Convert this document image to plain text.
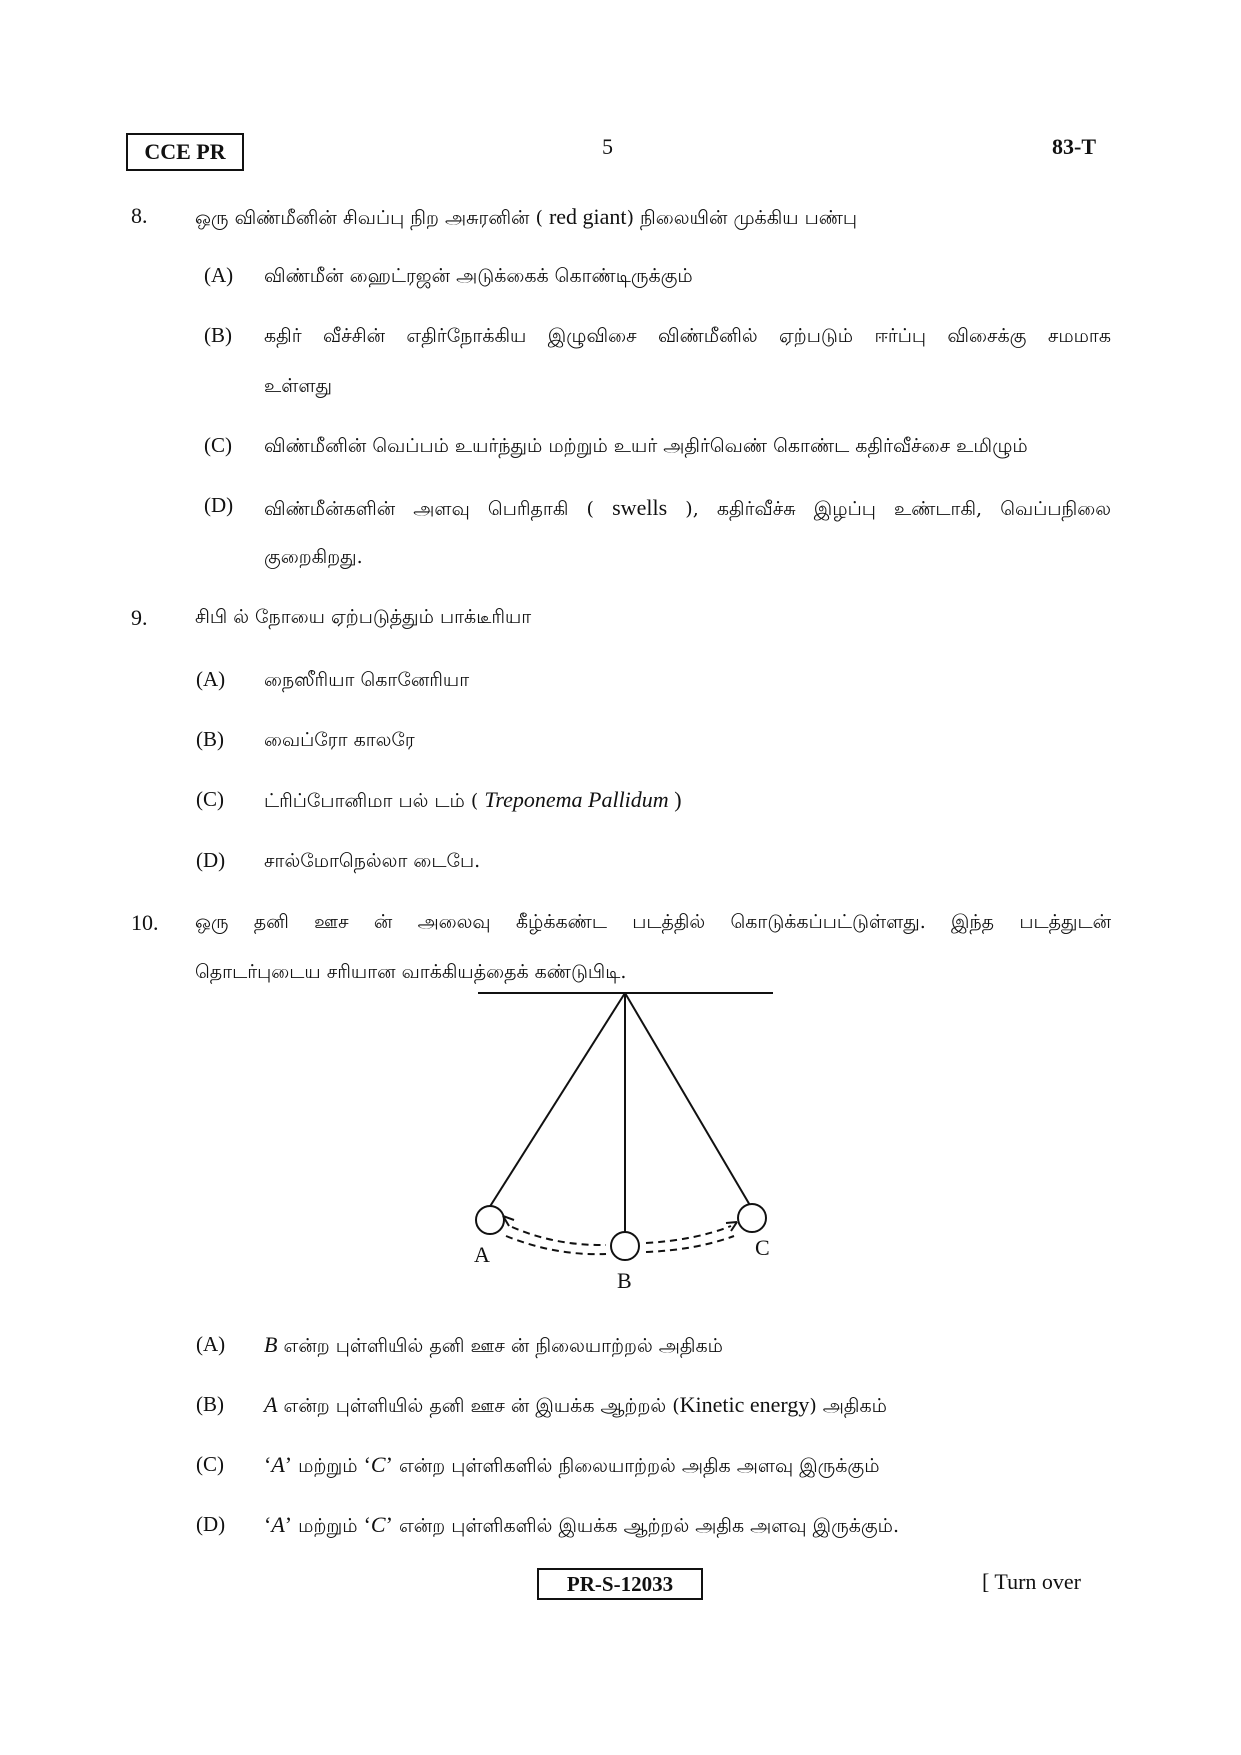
CCE PR	5	83-T
8.	ஒரு விண்மீனின் சிவப்பு நிற அசுரனின் ( red giant) நிலையின் முக்கிய பண்பு
(A) விண்மீன் ஹைட்ரஜன் அடுக்கைக் கொண்டிருக்கும்
(B) கதிர் வீச்சின் எதிர்நோக்கிய இழுவிசை விண்மீனில் ஏற்படும் ஈர்ப்பு விசைக்கு சமமாக
உள்ளது
(C) விண்மீனின் வெப்பம் உயர்ந்தும் மற்றும் உயர் அதிர்வெண் கொண்ட கதிர்வீச்சை உமிழும்
(D) விண்மீன்களின் அளவு பெரிதாகி ( swells ), கதிர்வீச்சு இழப்பு உண்டாகி, வெப்பநிலை
குறைகிறது.
9.	சிபி ல் நோயை ஏற்படுத்தும் பாக்டீரியா
(A) நைஸீரியா கொனேரியா
(B) வைப்ரோ காலரே
(C) ட்ரிப்போனிமா பல் டம் ( Treponema Pallidum )
(D) சால்மோநெல்லா டைபே.
10. ஒரு தனி ஊச ன் அலைவு கீழ்க்கண்ட படத்தில் கொடுக்கப்பட்டுள்ளது. இந்த படத்துடன்
தொடர்புடைய சரியான வாக்கியத்தைக் கண்டுபிடி.
A
B
C
(A) B என்ற புள்ளியில் தனி ஊச ன் நிலையாற்றல் அதிகம்
(B) A என்ற புள்ளியில் தனி ஊச ன் இயக்க ஆற்றல் (Kinetic energy) அதிகம்
(C) ‘A’ மற்றும் ‘C’ என்ற புள்ளிகளில் நிலையாற்றல் அதிக அளவு இருக்கும்
(D) ‘A’ மற்றும் ‘C’ என்ற புள்ளிகளில் இயக்க ஆற்றல் அதிக அளவு இருக்கும்.
PR-S-12033	[ Turn over
